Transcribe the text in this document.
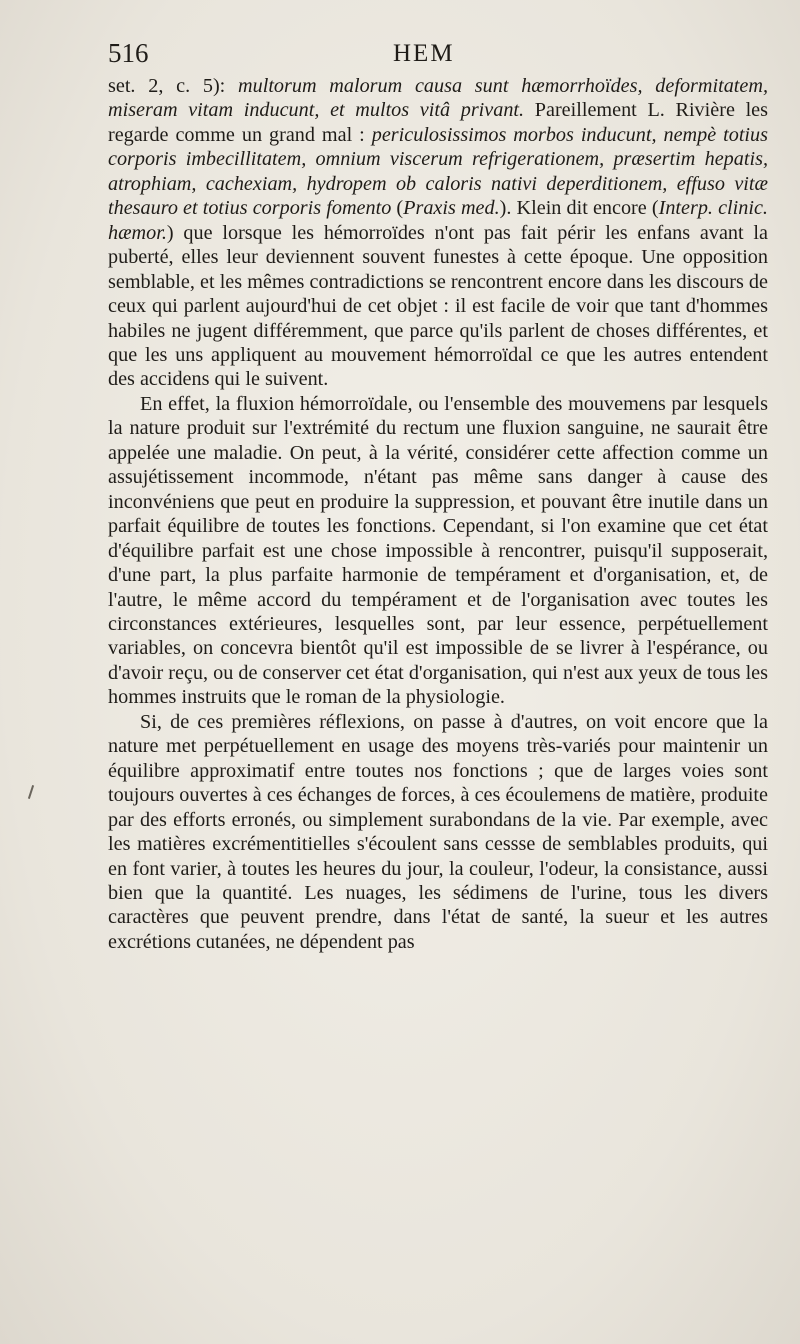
516	HEM

set. 2, c. 5): multorum malorum causa sunt hæmorrhoïdes, deformitatem, miseram vitam inducunt, et multos vitâ privant. Pareillement L. Rivière les regarde comme un grand mal : periculosissimos morbos inducunt, nempè totius corporis imbecillitatem, omnium viscerum refrigerationem, præsertim hepatis, atrophiam, cachexiam, hydropem ob caloris nativi deperditionem, effuso vitæ thesauro et totius corporis fomento (Praxis med.). Klein dit encore (Interp. clinic. hæmor.) que lorsque les hémorroïdes n'ont pas fait périr les enfans avant la puberté, elles leur deviennent souvent funestes à cette époque. Une opposition semblable, et les mêmes contradictions se rencontrent encore dans les discours de ceux qui parlent aujourd'hui de cet objet : il est facile de voir que tant d'hommes habiles ne jugent différemment, que parce qu'ils parlent de choses différentes, et que les uns appliquent au mouvement hémorroïdal ce que les autres entendent des accidens qui le suivent.

En effet, la fluxion hémorroïdale, ou l'ensemble des mouvemens par lesquels la nature produit sur l'extrémité du rectum une fluxion sanguine, ne saurait être appelée une maladie. On peut, à la vérité, considérer cette affection comme un assujétissement incommode, n'étant pas même sans danger à cause des inconvéniens que peut en produire la suppression, et pouvant être inutile dans un parfait équilibre de toutes les fonctions. Cependant, si l'on examine que cet état d'équilibre parfait est une chose impossible à rencontrer, puisqu'il supposerait, d'une part, la plus parfaite harmonie de tempérament et d'organisation, et, de l'autre, le même accord du tempérament et de l'organisation avec toutes les circonstances extérieures, lesquelles sont, par leur essence, perpétuellement variables, on concevra bientôt qu'il est impossible de se livrer à l'espérance, ou d'avoir reçu, ou de conserver cet état d'organisation, qui n'est aux yeux de tous les hommes instruits que le roman de la physiologie.

Si, de ces premières réflexions, on passe à d'autres, on voit encore que la nature met perpétuellement en usage des moyens très-variés pour maintenir un équilibre approximatif entre toutes nos fonctions ; que de larges voies sont toujours ouvertes à ces échanges de forces, à ces écoulemens de matière, produite par des efforts erronés, ou simplement surabondans de la vie. Par exemple, avec les matières excrémentitielles s'écoulent sans cessse de semblables produits, qui en font varier, à toutes les heures du jour, la couleur, l'odeur, la consistance, aussi bien que la quantité. Les nuages, les sédimens de l'urine, tous les divers caractères que peuvent prendre, dans l'état de santé, la sueur et les autres excrétions cutanées, ne dépendent pas
